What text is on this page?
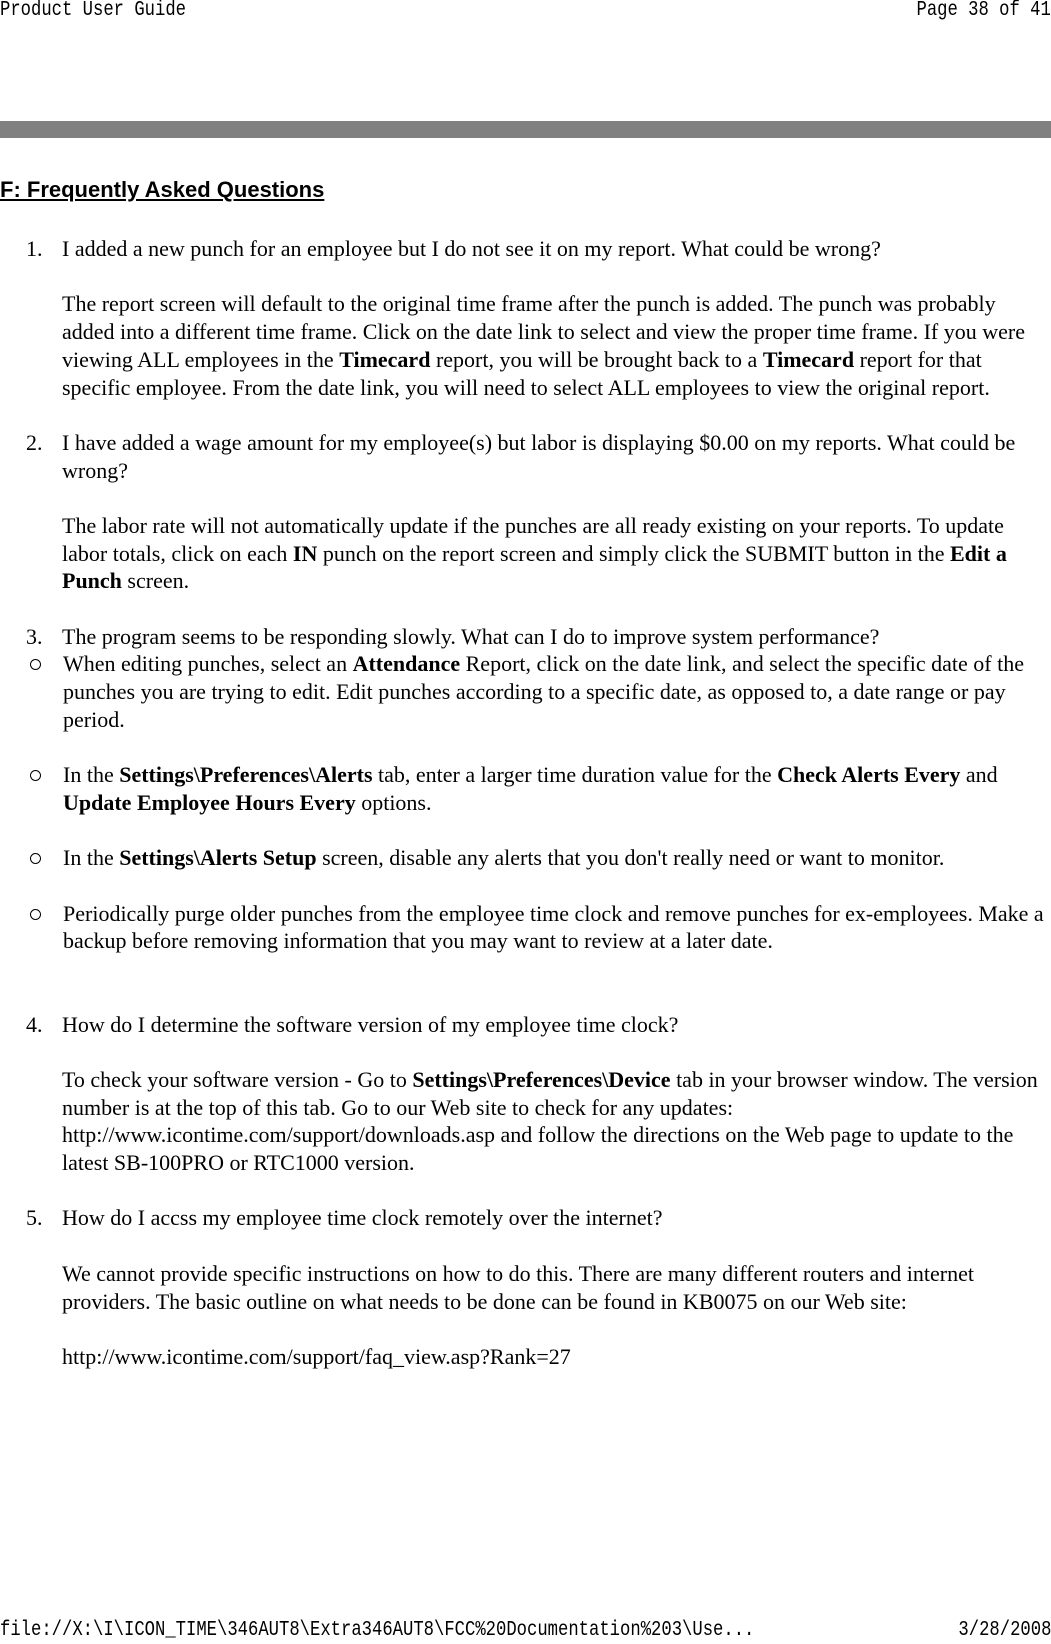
Product User Guide	Page 38 of 41
F: Frequently Asked Questions
1. I added a new punch for an employee but I do not see it on my report. What could be wrong?

The report screen will default to the original time frame after the punch is added. The punch was probably added into a different time frame. Click on the date link to select and view the proper time frame. If you were viewing ALL employees in the Timecard report, you will be brought back to a Timecard report for that specific employee. From the date link, you will need to select ALL employees to view the original report.

2. I have added a wage amount for my employee(s) but labor is displaying $0.00 on my reports. What could be wrong?

The labor rate will not automatically update if the punches are all ready existing on your reports. To update labor totals, click on each IN punch on the report screen and simply click the SUBMIT button in the Edit a Punch screen.

3. The program seems to be responding slowly. What can I do to improve system performance?

When editing punches, select an Attendance Report, click on the date link, and select the specific date of the punches you are trying to edit. Edit punches according to a specific date, as opposed to, a date range or pay period.
In the Settings\Preferences\Alerts tab, enter a larger time duration value for the Check Alerts Every and Update Employee Hours Every options.
In the Settings\Alerts Setup screen, disable any alerts that you don't really need or want to monitor.
Periodically purge older punches from the employee time clock and remove punches for ex-employees. Make a backup before removing information that you may want to review at a later date.
4. How do I determine the software version of my employee time clock?

To check your software version - Go to Settings\Preferences\Device tab in your browser window. The version number is at the top of this tab. Go to our Web site to check for any updates: http://www.icontime.com/support/downloads.asp and follow the directions on the Web page to update to the latest SB-100PRO or RTC1000 version.

5. How do I accss my employee time clock remotely over the internet?

We cannot provide specific instructions on how to do this. There are many different routers and internet providers. The basic outline on what needs to be done can be found in KB0075 on our Web site:

http://www.icontime.com/support/faq_view.asp?Rank=27

file://X:\I\ICON_TIME\346AUT8\Extra346AUT8\FCC%20Documentation%203\Use...	3/28/2008
